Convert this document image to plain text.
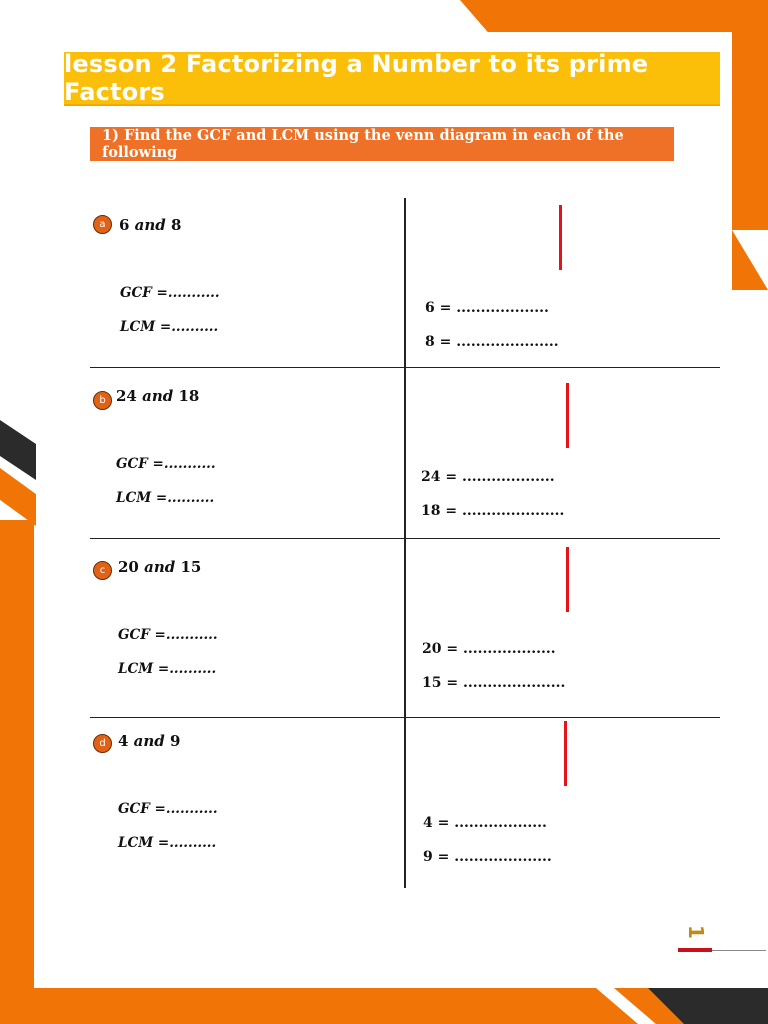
lesson 2 Factorizing a Number to its prime Factors
1) Find the GCF and LCM using the venn diagram in each of the following
a 6 and 8
GCF =...........
LCM =..........
6 = ...................
8 = .....................
b 24 and 18
GCF =...........
LCM =..........
24 = ...................
18 = .....................
c 20 and 15
GCF =...........
LCM =..........
20 = ...................
15 = .....................
d 4 and 9
GCF =...........
LCM =..........
4 = ...................
9 = ....................
1
